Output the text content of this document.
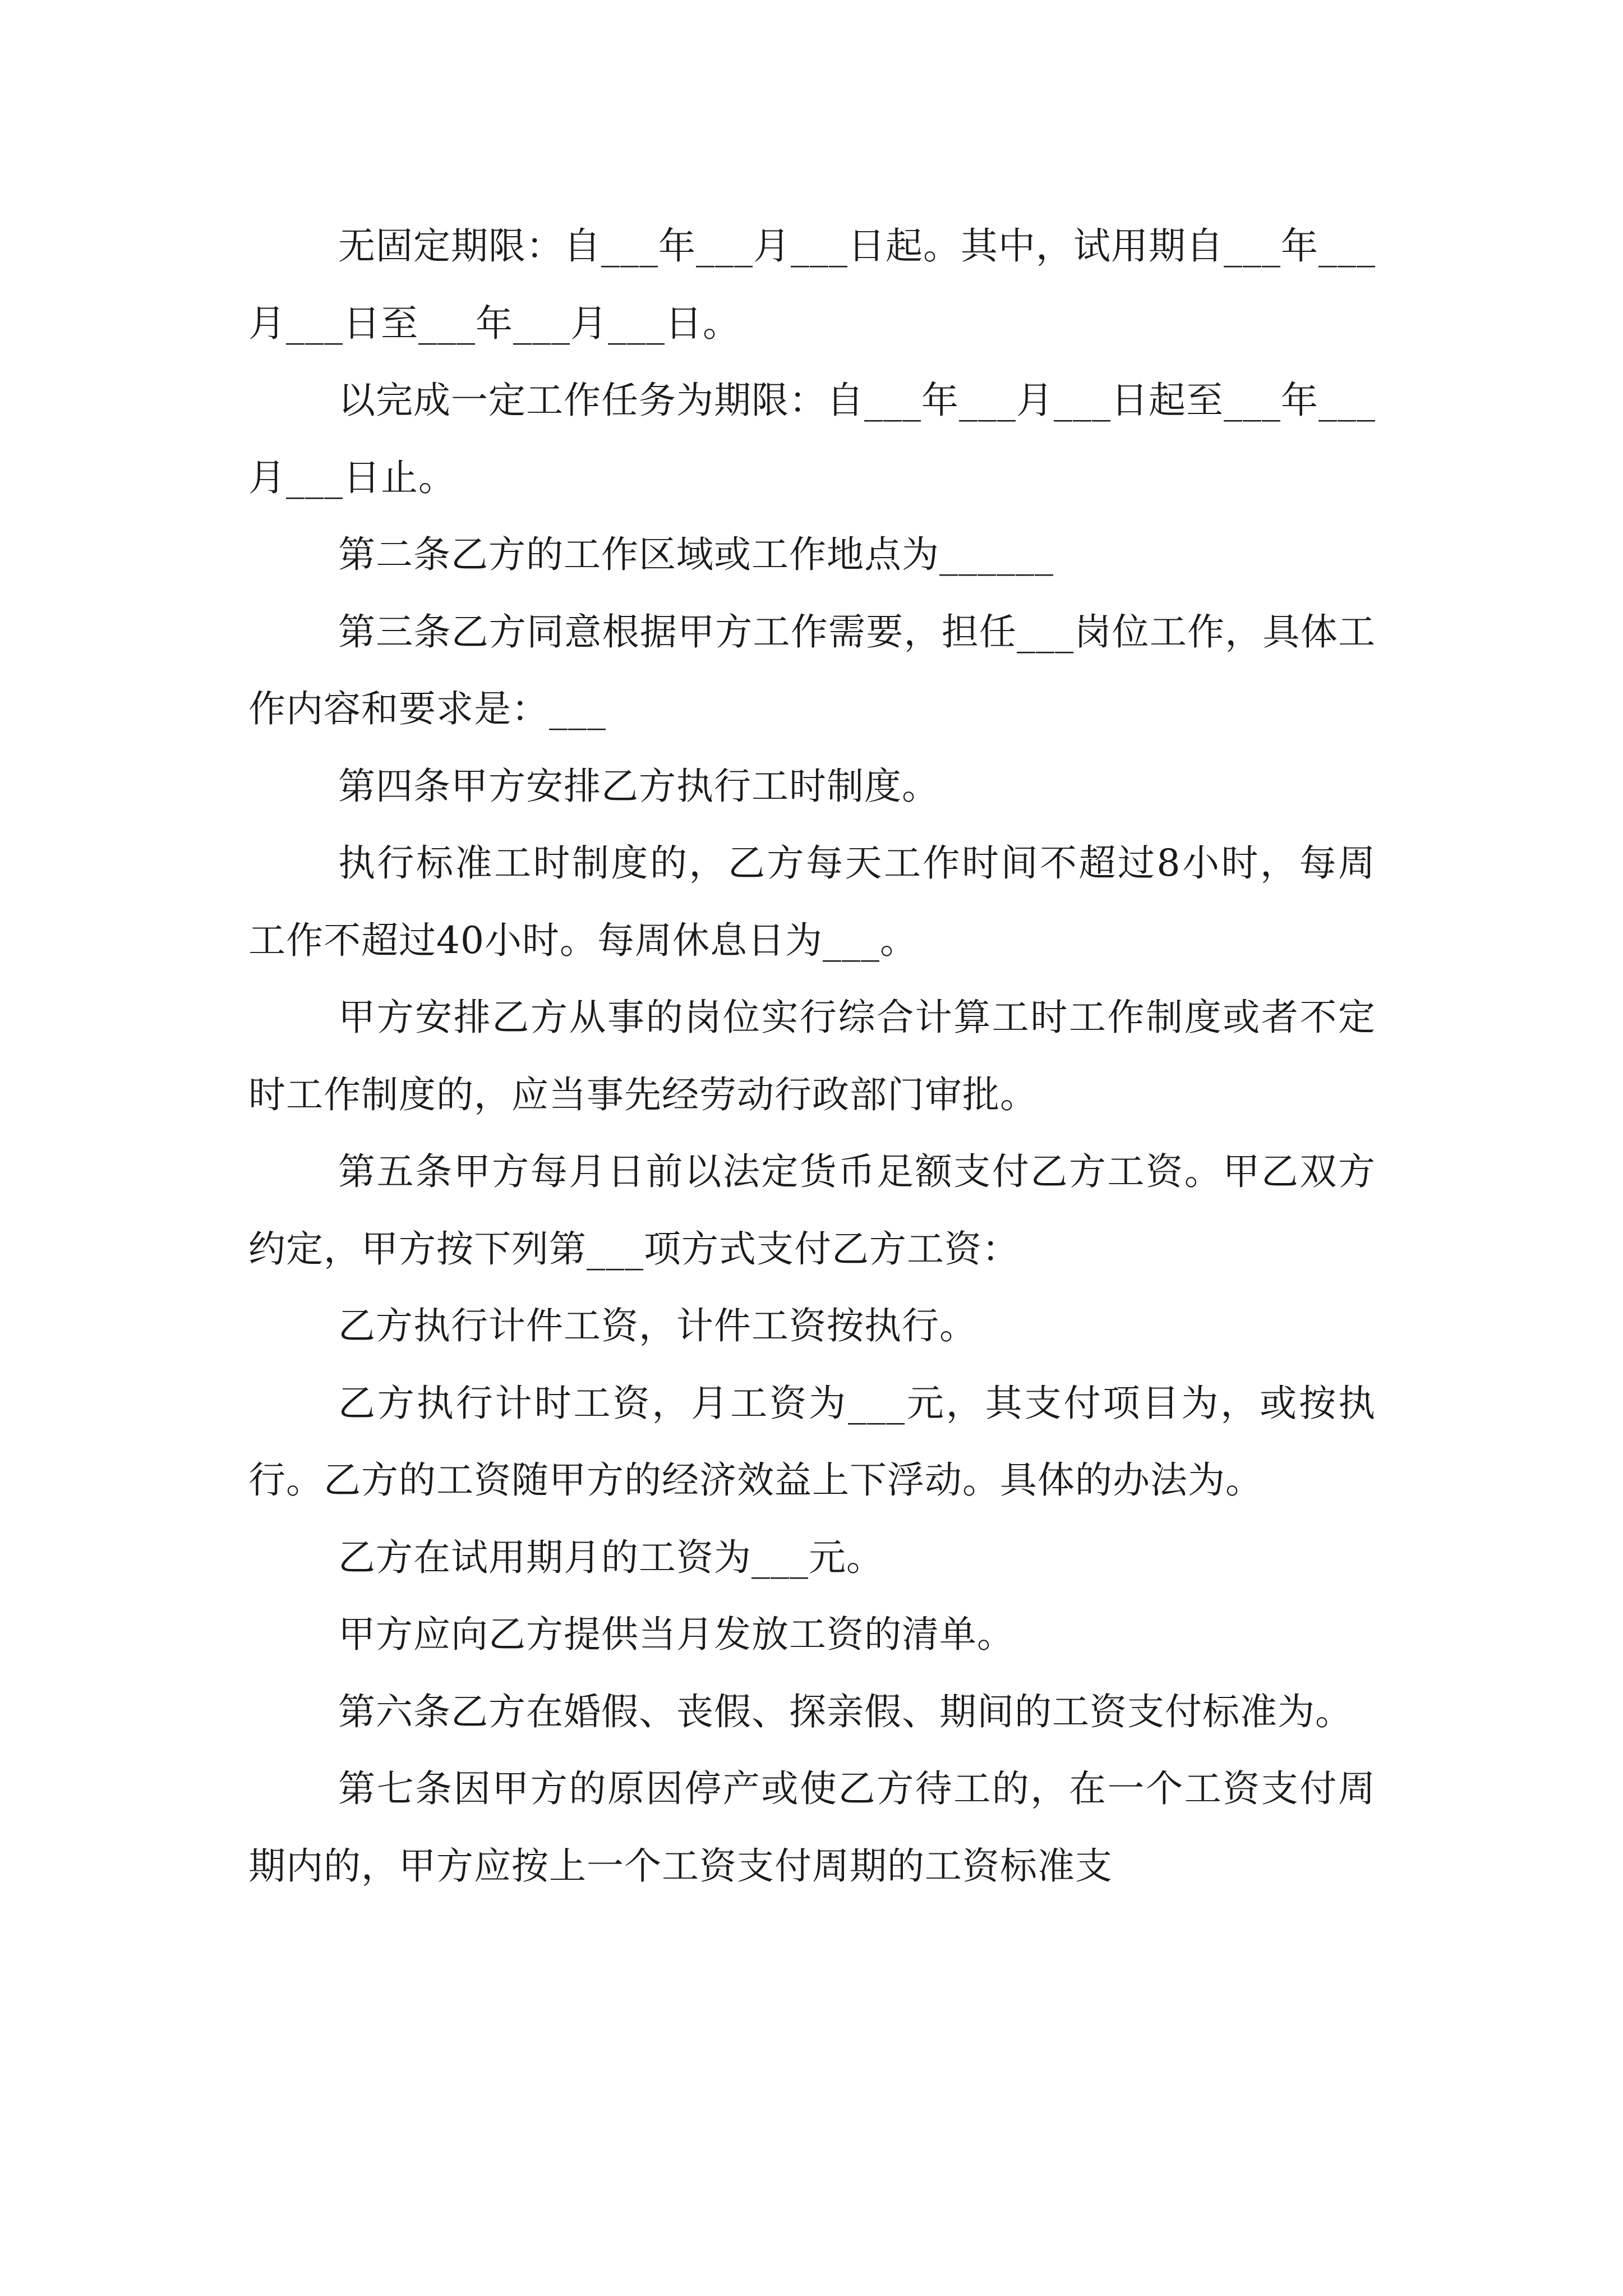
无固定期限：自___年___月___日起。其中，试用期自___年___月___日至___年___月___日。

以完成一定工作任务为期限：自___年___月___日起至___年___月___日止。

第二条乙方的工作区域或工作地点为______

第三条乙方同意根据甲方工作需要，担任___岗位工作，具体工作内容和要求是：___

第四条甲方安排乙方执行工时制度。

执行标准工时制度的，乙方每天工作时间不超过8小时，每周工作不超过40小时。每周休息日为___。

甲方安排乙方从事的岗位实行综合计算工时工作制度或者不定时工作制度的，应当事先经劳动行政部门审批。

第五条甲方每月日前以法定货币足额支付乙方工资。甲乙双方约定，甲方按下列第___项方式支付乙方工资：

乙方执行计件工资，计件工资按执行。

乙方执行计时工资，月工资为___元，其支付项目为，或按执行。乙方的工资随甲方的经济效益上下浮动。具体的办法为。

乙方在试用期月的工资为___元。

甲方应向乙方提供当月发放工资的清单。

第六条乙方在婚假、丧假、探亲假、期间的工资支付标准为。

第七条因甲方的原因停产或使乙方待工的，在一个工资支付周期内的，甲方应按上一个工资支付周期的工资标准支
